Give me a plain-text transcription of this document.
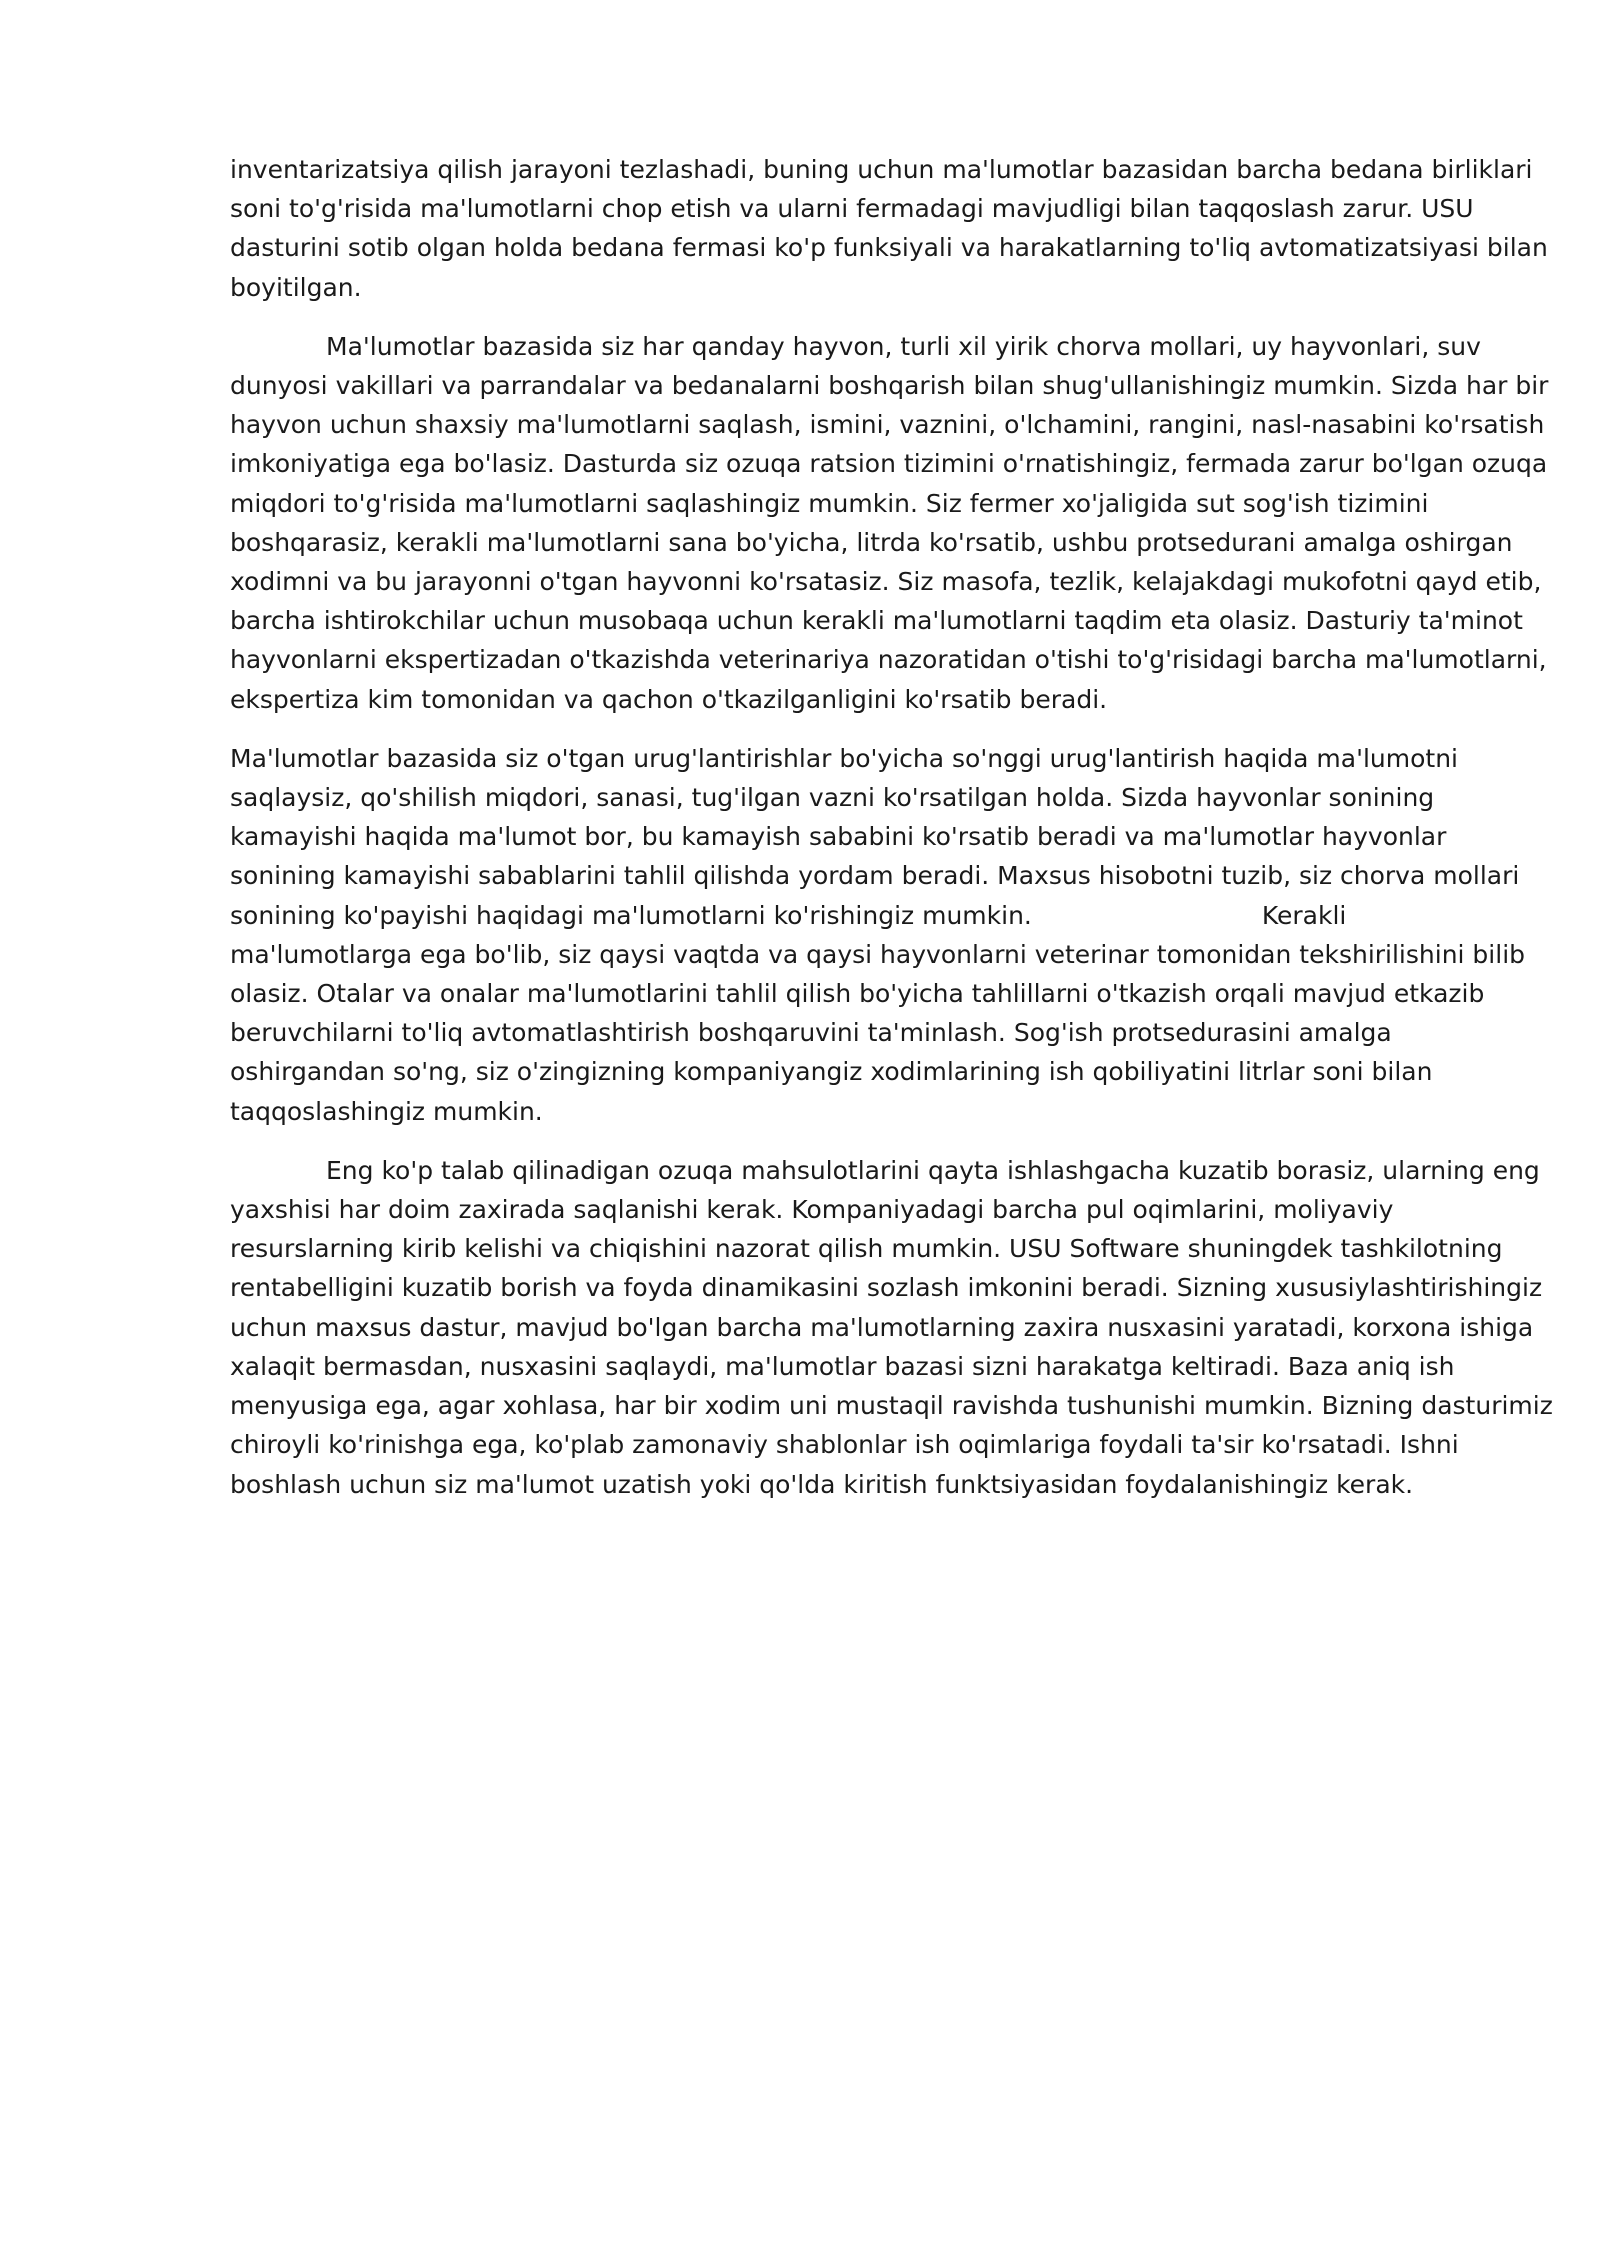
inventarizatsiya qilish jarayoni tezlashadi, buning uchun ma'lumotlar bazasidan barcha bedana birliklari
soni to'g'risida ma'lumotlarni chop etish va ularni fermadagi mavjudligi bilan taqqoslash zarur. USU
dasturini sotib olgan holda bedana fermasi ko'p funksiyali va harakatlarning to'liq avtomatizatsiyasi bilan
boyitilgan.
Ma'lumotlar bazasida siz har qanday hayvon, turli xil yirik chorva mollari, uy hayvonlari, suv
dunyosi vakillari va parrandalar va bedanalarni boshqarish bilan shug'ullanishingiz mumkin. Sizda har bir
hayvon uchun shaxsiy ma'lumotlarni saqlash, ismini, vaznini, o'lchamini, rangini, nasl-nasabini ko'rsatish
imkoniyatiga ega bo'lasiz. Dasturda siz ozuqa ratsion tizimini o'rnatishingiz, fermada zarur bo'lgan ozuqa
miqdori to'g'risida ma'lumotlarni saqlashingiz mumkin. Siz fermer xo'jaligida sut sog'ish tizimini
boshqarasiz, kerakli ma'lumotlarni sana bo'yicha, litrda ko'rsatib, ushbu protsedurani amalga oshirgan
xodimni va bu jarayonni o'tgan hayvonni ko'rsatasiz. Siz masofa, tezlik, kelajakdagi mukofotni qayd etib,
barcha ishtirokchilar uchun musobaqa uchun kerakli ma'lumotlarni taqdim eta olasiz. Dasturiy ta'minot
hayvonlarni ekspertizadan o'tkazishda veterinariya nazoratidan o'tishi to'g'risidagi barcha ma'lumotlarni,
ekspertiza kim tomonidan va qachon o'tkazilganligini ko'rsatib beradi.
Ma'lumotlar bazasida siz o'tgan urug'lantirishlar bo'yicha so'nggi urug'lantirish haqida ma'lumotni
saqlaysiz, qo'shilish miqdori, sanasi, tug'ilgan vazni ko'rsatilgan holda. Sizda hayvonlar sonining
kamayishi haqida ma'lumot bor, bu kamayish sababini ko'rsatib beradi va ma'lumotlar hayvonlar
sonining kamayishi sabablarini tahlil qilishda yordam beradi. Maxsus hisobotni tuzib, siz chorva mollari
sonining ko'payishi haqidagi ma'lumotlarni ko'rishingiz mumkin.	Kerakli
ma'lumotlarga ega bo'lib, siz qaysi vaqtda va qaysi hayvonlarni veterinar tomonidan tekshirilishini bilib
olasiz. Otalar va onalar ma'lumotlarini tahlil qilish bo'yicha tahlillarni o'tkazish orqali mavjud etkazib
beruvchilarni to'liq avtomatlashtirish boshqaruvini ta'minlash. Sog'ish protsedurasini amalga
oshirgandan so'ng, siz o'zingizning kompaniyangiz xodimlarining ish qobiliyatini litrlar soni bilan
taqqoslashingiz mumkin.
Eng ko'p talab qilinadigan ozuqa mahsulotlarini qayta ishlashgacha kuzatib borasiz, ularning eng
yaxshisi har doim zaxirada saqlanishi kerak. Kompaniyadagi barcha pul oqimlarini, moliyaviy
resurslarning kirib kelishi va chiqishini nazorat qilish mumkin. USU Software shuningdek tashkilotning
rentabelligini kuzatib borish va foyda dinamikasini sozlash imkonini beradi. Sizning xususiylashtirishingiz
uchun maxsus dastur, mavjud bo'lgan barcha ma'lumotlarning zaxira nusxasini yaratadi, korxona ishiga
xalaqit bermasdan, nusxasini saqlaydi, ma'lumotlar bazasi sizni harakatga keltiradi. Baza aniq ish
menyusiga ega, agar xohlasa, har bir xodim uni mustaqil ravishda tushunishi mumkin. Bizning dasturimiz
chiroyli ko'rinishga ega, ko'plab zamonaviy shablonlar ish oqimlariga foydali ta'sir ko'rsatadi. Ishni
boshlash uchun siz ma'lumot uzatish yoki qo'lda kiritish funktsiyasidan foydalanishingiz kerak.
